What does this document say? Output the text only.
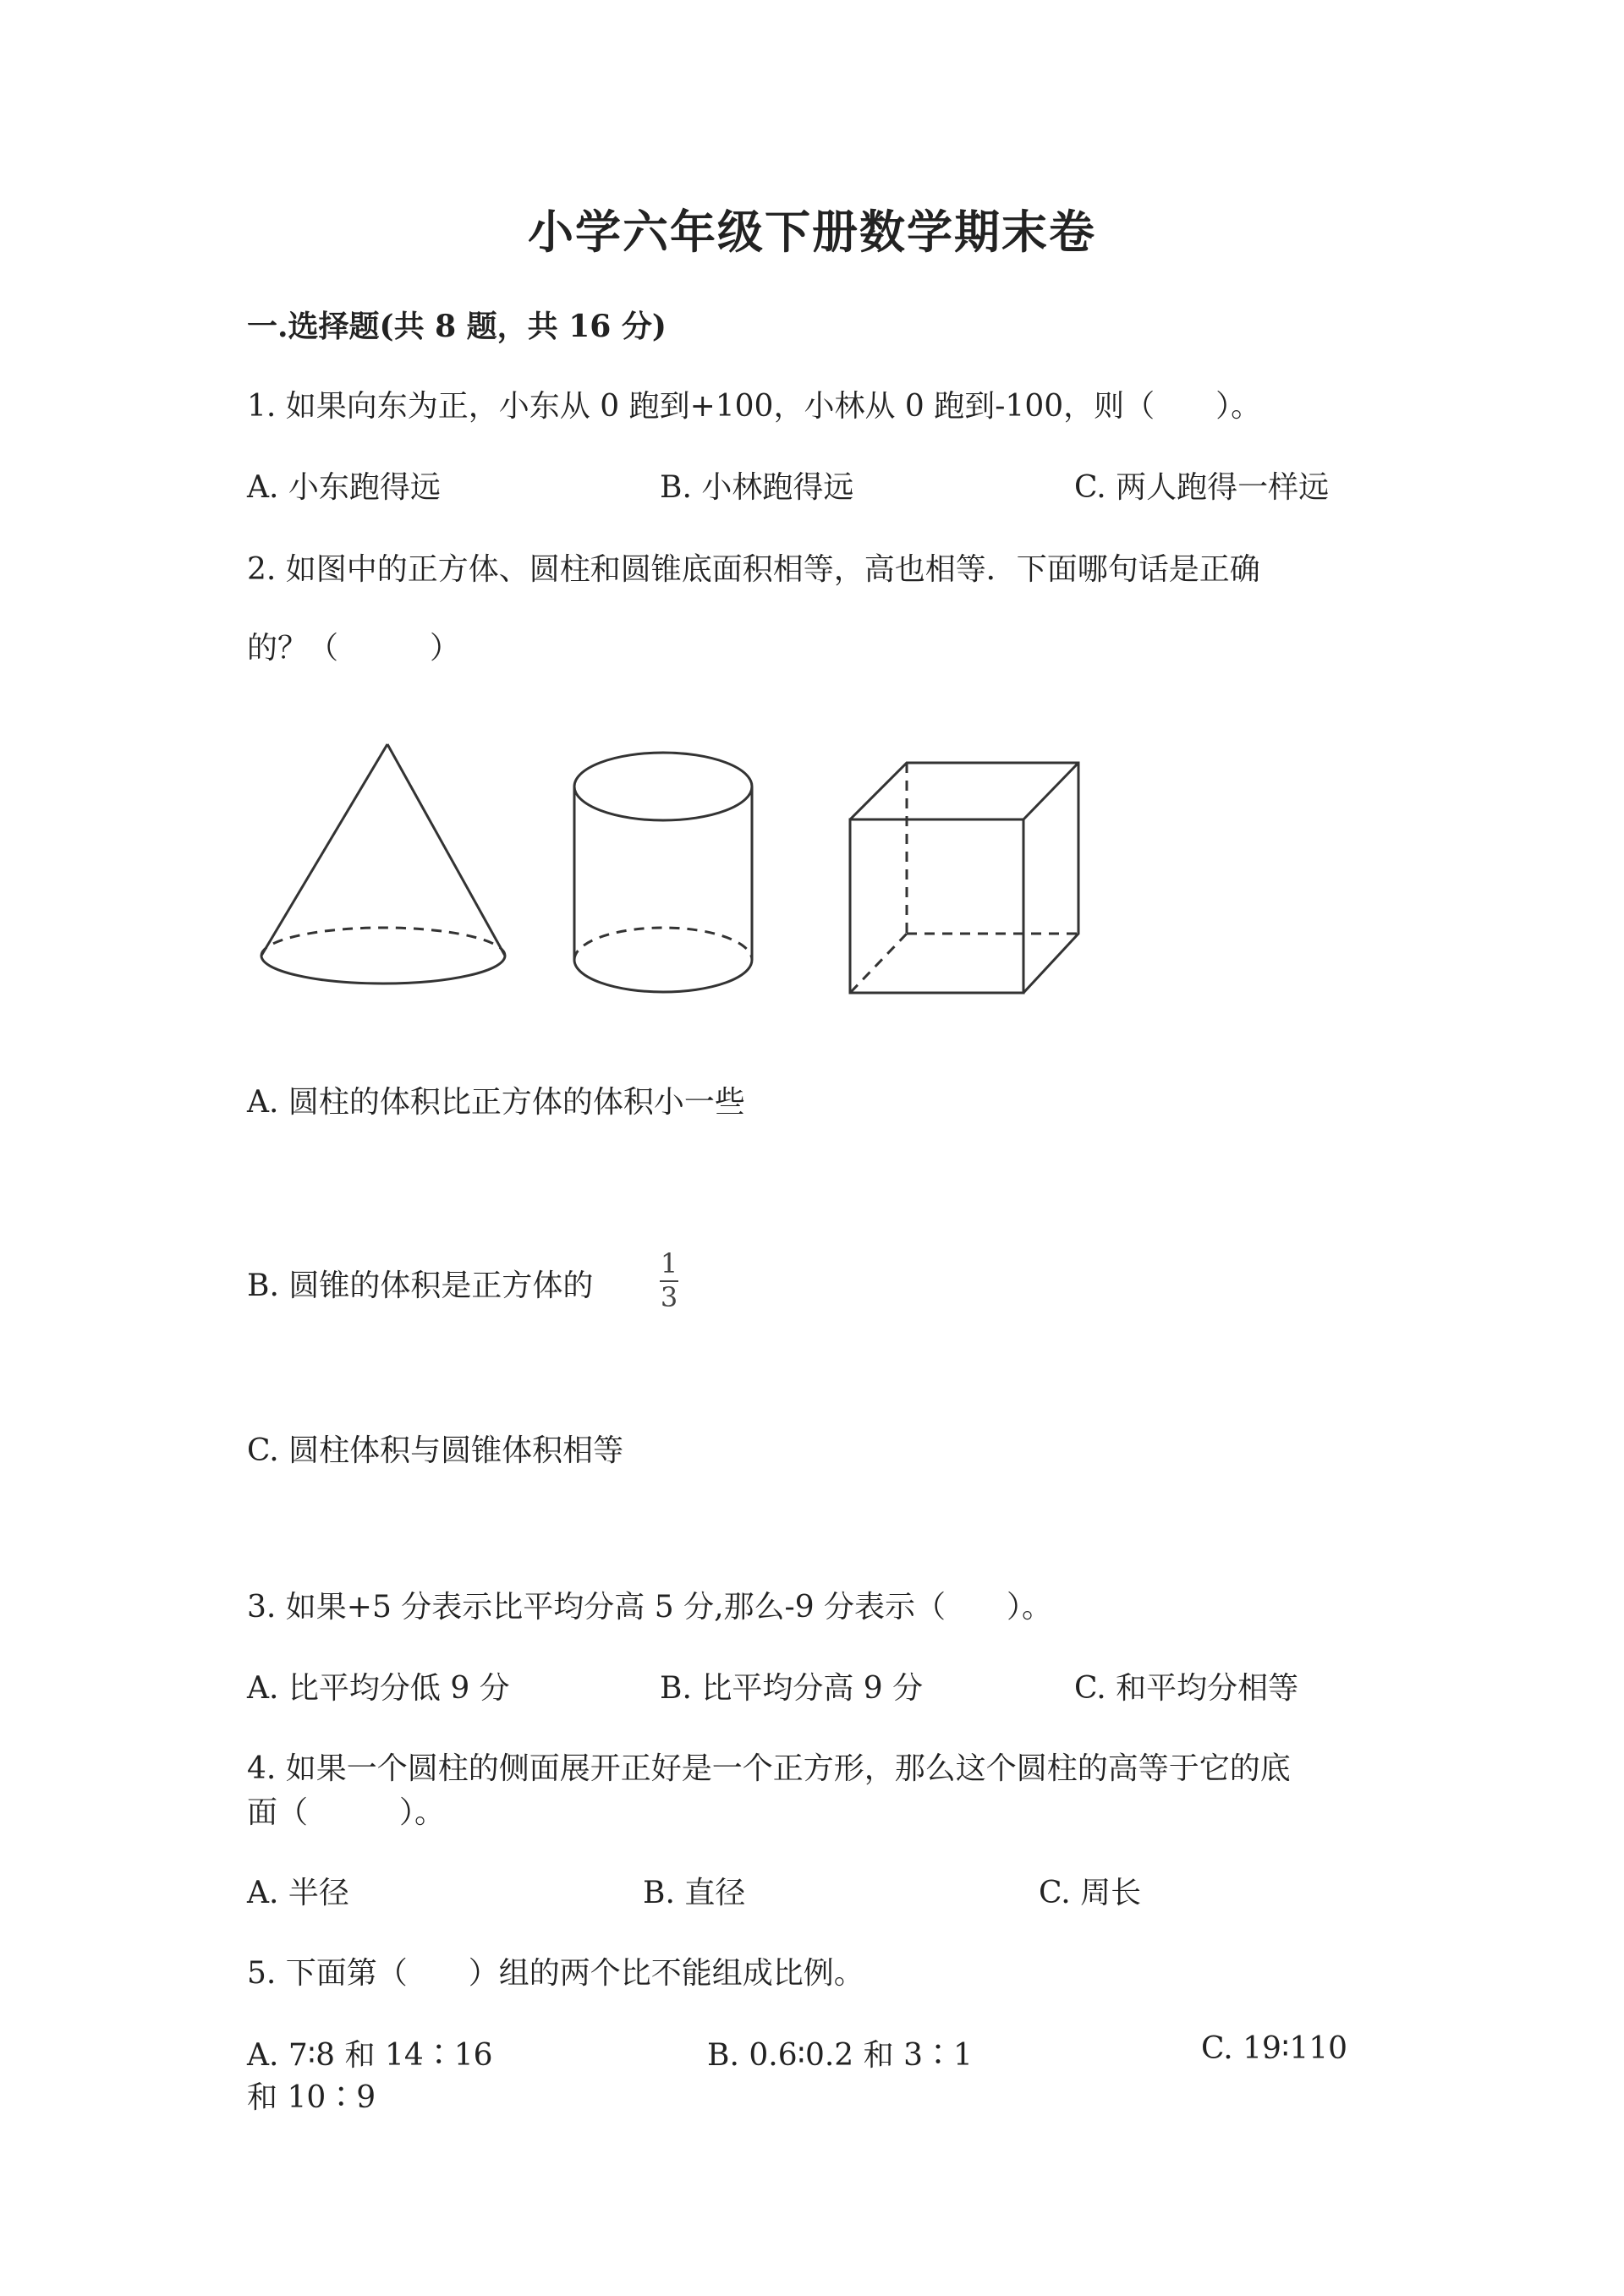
小学六年级下册数学期末卷
一.选择题(共 8 题，共 16 分)
1. 如果向东为正，小东从 0 跑到+100，小林从 0 跑到-100，则（　　）。
A. 小东跑得远	B. 小林跑得远	C. 两人跑得一样远
2. 如图中的正方体、圆柱和圆锥底面积相等，高也相等．下面哪句话是正确
的？（　　　）
A. 圆柱的体积比正方体的体积小一些
B. 圆锥的体积是正方体的
1
3
C. 圆柱体积与圆锥体积相等
3. 如果+5 分表示比平均分高 5 分,那么-9 分表示（　　）。
A. 比平均分低 9 分	B. 比平均分高 9 分	C. 和平均分相等
4. 如果一个圆柱的侧面展开正好是一个正方形，那么这个圆柱的高等于它的底
面（　　　）。
A. 半径	B. 直径	C. 周长
5. 下面第（　　）组的两个比不能组成比例。
A. 7∶8 和 14∶16	B. 0.6∶0.2 和 3∶1	C. 19∶110
和 10∶9
